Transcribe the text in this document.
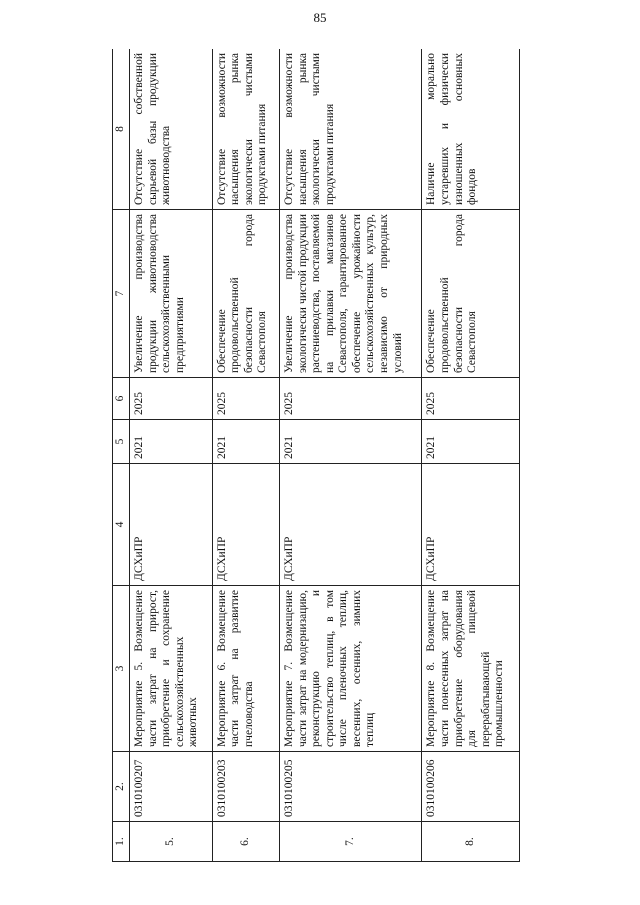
85
1.	2.	3	4	5	6	7	8
5.	0310100207	Мероприятие 5. Возмещение части затрат на прирост, приобретение и сохранение сельскохозяйственных животных	ДСХиПР	2021	2025	Увеличение производства продукции животноводства сельскохозяйственными предприятиями	Отсутствие собственной сырьевой базы продукции животноводства
6.	0310100203	Мероприятие 6. Возмещение части затрат на развитие пчеловодства	ДСХиПР	2021	2025	Обеспечение продовольственной безопасности города Севастополя	Отсутствие возможности насыщения рынка экологически чистыми продуктами питания
7.	0310100205	Мероприятие 7. Возмещение части затрат на модернизацию, реконструкцию и строительство теплиц, в том числе пленочных теплиц, весенних, осенних, зимних теплиц	ДСХиПР	2021	2025	Увеличение производства экологически чистой продукции растениеводства, поставляемой на прилавки магазинов Севастополя, гарантированное обеспечение урожайности сельскохозяйственных культур, независимо от природных условий	Отсутствие возможности насыщения рынка экологически чистыми продуктами питания
8.	0310100206	Мероприятие 8. Возмещение части понесенных затрат на приобретение оборудования для пищевой перерабатывающей промышленности	ДСХиПР	2021	2025	Обеспечение продовольственной безопасности города Севастополя	Наличие морально устаревших и физически изношенных основных фондов
